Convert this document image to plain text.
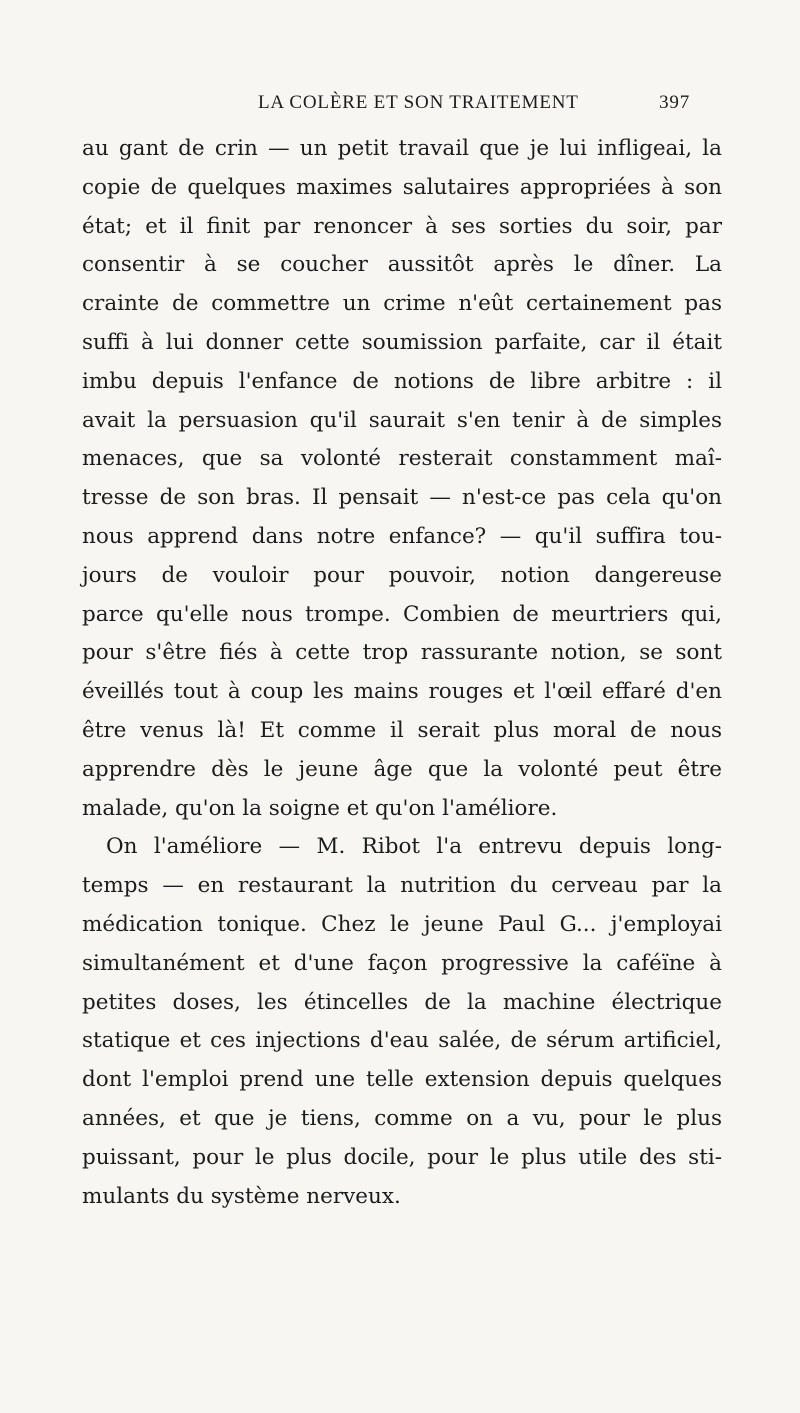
LA COLÈRE ET SON TRAITEMENT	397
au gant de crin — un petit travail que je lui infligeai, la
copie de quelques maximes salutaires appropriées à son
état; et il finit par renoncer à ses sorties du soir, par
consentir à se coucher aussitôt après le dîner. La
crainte de commettre un crime n'eût certainement pas
suffi à lui donner cette soumission parfaite, car il était
imbu depuis l'enfance de notions de libre arbitre : il
avait la persuasion qu'il saurait s'en tenir à de simples
menaces, que sa volonté resterait constamment maî-
tresse de son bras. Il pensait — n'est-ce pas cela qu'on
nous apprend dans notre enfance? — qu'il suffira tou-
jours de vouloir pour pouvoir, notion dangereuse
parce qu'elle nous trompe. Combien de meurtriers qui,
pour s'être fiés à cette trop rassurante notion, se sont
éveillés tout à coup les mains rouges et l'œil effaré d'en
être venus là! Et comme il serait plus moral de nous
apprendre dès le jeune âge que la volonté peut être
malade, qu'on la soigne et qu'on l'améliore.
On l'améliore — M. Ribot l'a entrevu depuis long-
temps — en restaurant la nutrition du cerveau par la
médication tonique. Chez le jeune Paul G... j'employai
simultanément et d'une façon progressive la caféïne à
petites doses, les étincelles de la machine électrique
statique et ces injections d'eau salée, de sérum artificiel,
dont l'emploi prend une telle extension depuis quelques
années, et que je tiens, comme on a vu, pour le plus
puissant, pour le plus docile, pour le plus utile des sti-
mulants du système nerveux.
